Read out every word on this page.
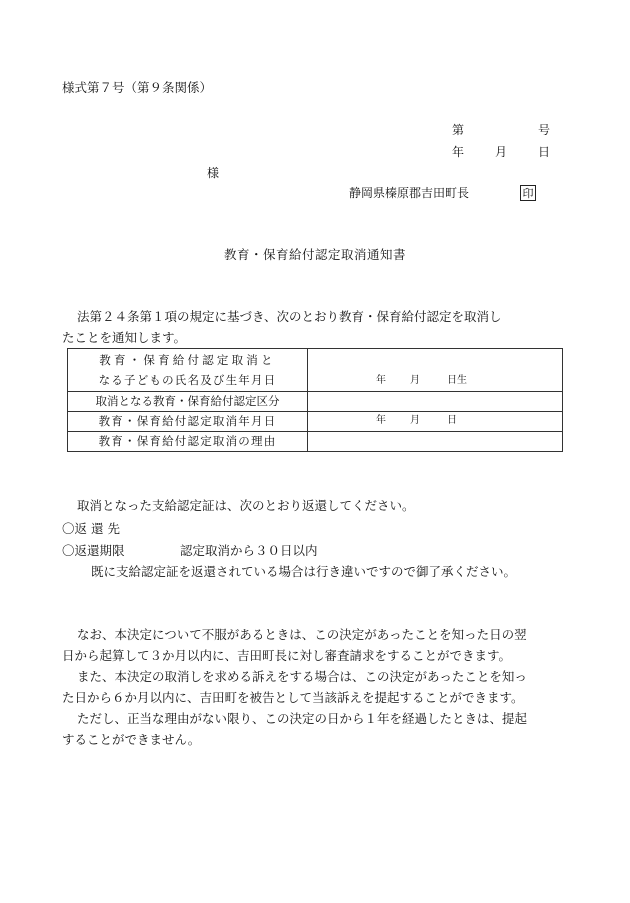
様式第７号（第９条関係）
第	号
年	月	日
様
静岡県榛原郡吉田町長	印
教育・保育給付認定取消通知書
法第２４条第１項の規定に基づき、次のとおり教育・保育給付認定を取消し
たことを通知します。
教育・保育給付認定取消と
なる子どもの氏名及び生年月日	年 月 日生

取消となる教育・保育給付認定区分	
教育・保育給付認定取消年月日	年 月 日

教育・保育給付認定取消の理由	
取消となった支給認定証は、次のとおり返還してください。
〇返 還 先
〇返還期限	認定取消から３０日以内
既に支給認定証を返還されている場合は行き違いですので御了承ください。
なお、本決定について不服があるときは、この決定があったことを知った日の翌
日から起算して３か月以内に、吉田町長に対し審査請求をすることができます。
また、本決定の取消しを求める訴えをする場合は、この決定があったことを知っ
た日から６か月以内に、吉田町を被告として当該訴えを提起することができます。
ただし、正当な理由がない限り、この決定の日から１年を経過したときは、提起
することができません。
